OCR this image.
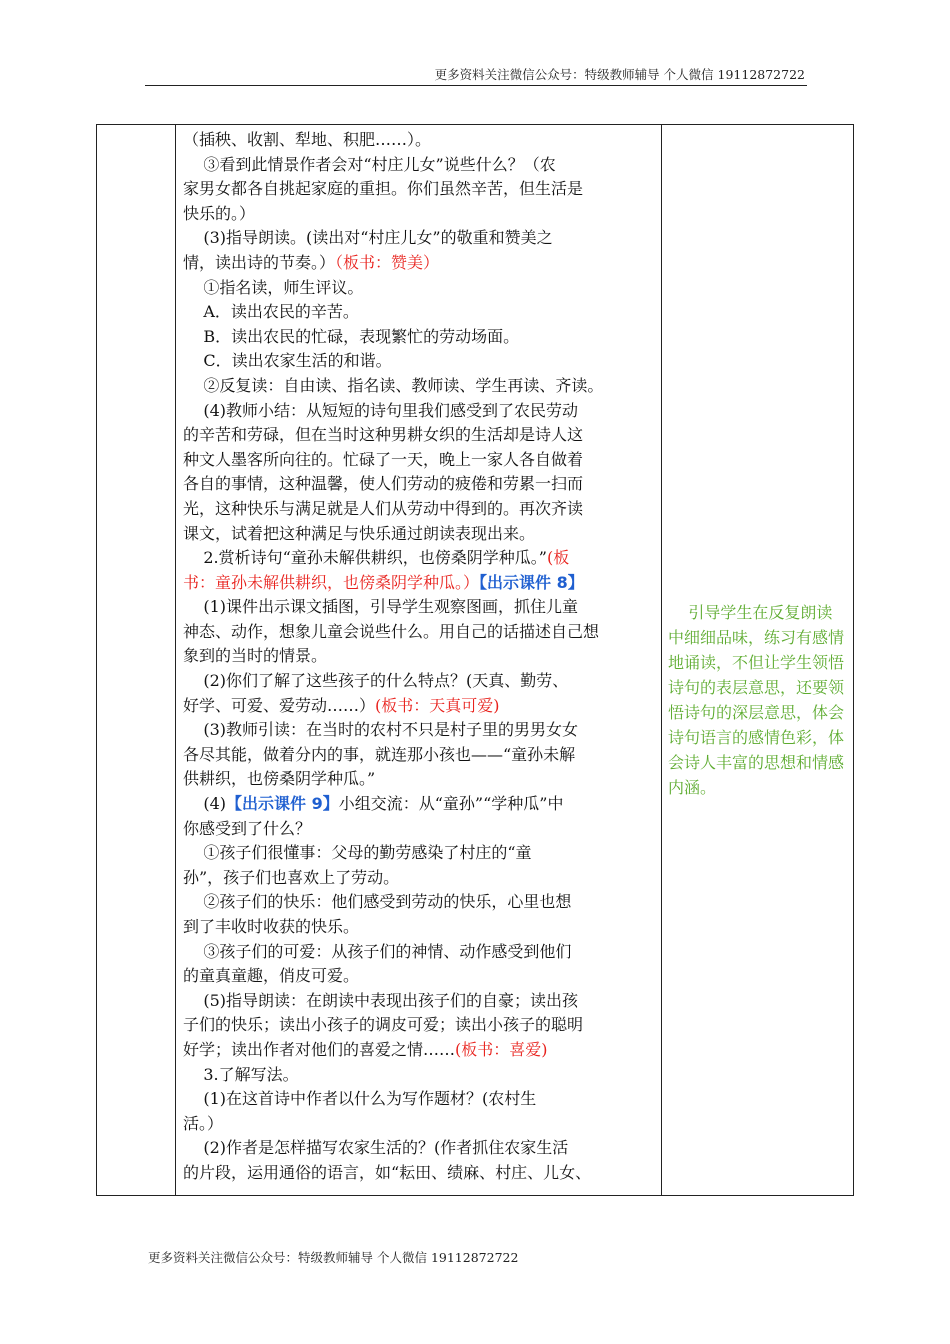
更多资料关注微信公众号：特级教师辅导 个人微信 19112872722

（插秧、收割、犁地、积肥……）。

③看到此情景作者会对“村庄儿女”说些什么？（农

家男女都各自挑起家庭的重担。你们虽然辛苦，但生活是

快乐的。）

(3)指导朗读。(读出对“村庄儿女”的敬重和赞美之

情，读出诗的节奏。）（板书：赞美）

①指名读，师生评议。

A．读出农民的辛苦。

B．读出农民的忙碌，表现繁忙的劳动场面。

C．读出农家生活的和谐。

②反复读：自由读、指名读、教师读、学生再读、齐读。

(4)教师小结：从短短的诗句里我们感受到了农民劳动

的辛苦和劳碌，但在当时这种男耕女织的生活却是诗人这

种文人墨客所向往的。忙碌了一天，晚上一家人各自做着

各自的事情，这种温馨，使人们劳动的疲倦和劳累一扫而

光，这种快乐与满足就是人们从劳动中得到的。再次齐读

课文，试着把这种满足与快乐通过朗读表现出来。

2.赏析诗句“童孙未解供耕织，也傍桑阴学种瓜。”(板

书：童孙未解供耕织，也傍桑阴学种瓜。）【出示课件 8】

(1)课件出示课文插图，引导学生观察图画，抓住儿童

神态、动作，想象儿童会说些什么。用自己的话描述自己想

象到的当时的情景。

(2)你们了解了这些孩子的什么特点？(天真、勤劳、

好学、可爱、爱劳动……）(板书：天真可爱)

(3)教师引读：在当时的农村不只是村子里的男男女女

各尽其能，做着分内的事，就连那小孩也——“童孙未解

供耕织，也傍桑阴学种瓜。”

(4)【出示课件 9】小组交流：从“童孙”“学种瓜”中

你感受到了什么？

①孩子们很懂事：父母的勤劳感染了村庄的“童

孙”，孩子们也喜欢上了劳动。

②孩子们的快乐：他们感受到劳动的快乐，心里也想

到了丰收时收获的快乐。

③孩子们的可爱：从孩子们的神情、动作感受到他们

的童真童趣，俏皮可爱。

(5)指导朗读：在朗读中表现出孩子们的自豪；读出孩

子们的快乐；读出小孩子的调皮可爱；读出小孩子的聪明

好学；读出作者对他们的喜爱之情……(板书：喜爱)

3.了解写法。

(1)在这首诗中作者以什么为写作题材？(农村生

活。）

(2)作者是怎样描写农家生活的？(作者抓住农家生活

的片段，运用通俗的语言，如“耘田、绩麻、村庄、儿女、

引导学生在反复朗读中细细品味，练习有感情地诵读，不但让学生领悟诗句的表层意思，还要领悟诗句的深层意思，体会诗句语言的感情色彩，体会诗人丰富的思想和情感内涵。
更多资料关注微信公众号：特级教师辅导 个人微信 19112872722
